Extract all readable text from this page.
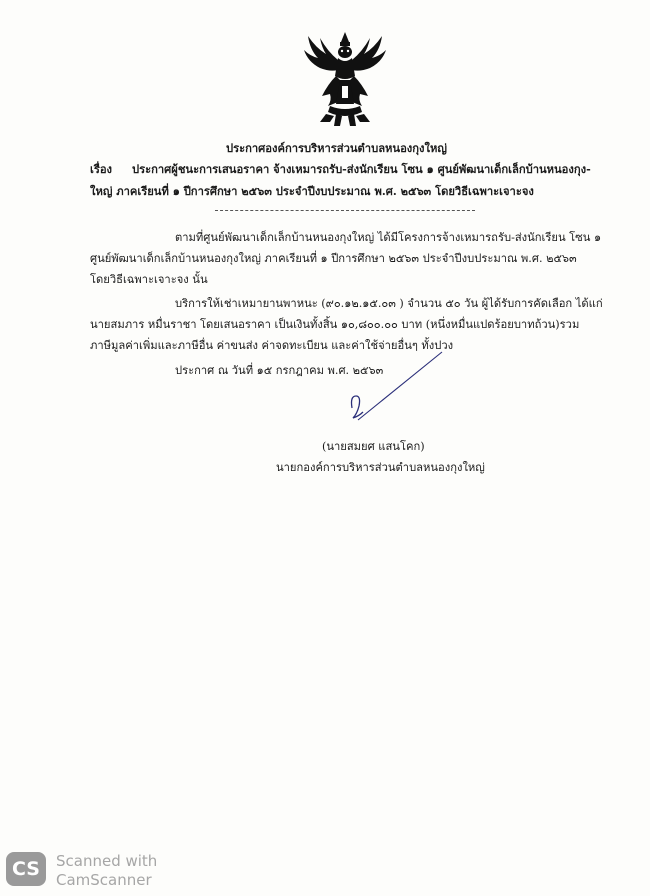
ประกาศองค์การบริหารส่วนตำบลหนองกุงใหญ่
เรื่อง ประกาศผู้ชนะการเสนอราคา จ้างเหมารถรับ-ส่งนักเรียน โซน ๑ ศูนย์พัฒนาเด็กเล็กบ้านหนองกุง-
ใหญ่ ภาคเรียนที่ ๑ ปีการศึกษา ๒๕๖๓ ประจำปีงบประมาณ พ.ศ. ๒๕๖๓ โดยวิธีเฉพาะเจาะจง
ตามที่ศูนย์พัฒนาเด็กเล็กบ้านหนองกุงใหญ่ ได้มีโครงการจ้างเหมารถรับ-ส่งนักเรียน โซน ๑
ศูนย์พัฒนาเด็กเล็กบ้านหนองกุงใหญ่ ภาคเรียนที่ ๑ ปีการศึกษา ๒๕๖๓ ประจำปีงบประมาณ พ.ศ. ๒๕๖๓
โดยวิธีเฉพาะเจาะจง นั้น
บริการให้เช่าเหมายานพาหนะ (๙๐.๑๒.๑๕.๐๓ ) จำนวน ๕๐ วัน ผู้ได้รับการคัดเลือก ได้แก่
นายสมภาร หมื่นราชา โดยเสนอราคา เป็นเงินทั้งสิ้น ๑๐,๘๐๐.๐๐ บาท (หนึ่งหมื่นแปดร้อยบาทถ้วน)รวม
ภาษีมูลค่าเพิ่มและภาษีอื่น ค่าขนส่ง ค่าจดทะเบียน และค่าใช้จ่ายอื่นๆ ทั้งปวง
ประกาศ ณ วันที่ ๑๕ กรกฎาคม พ.ศ. ๒๕๖๓
(นายสมยศ แสนโคก)
นายกองค์การบริหารส่วนตำบลหนองกุงใหญ่
CS	Scanned with
CamScanner
